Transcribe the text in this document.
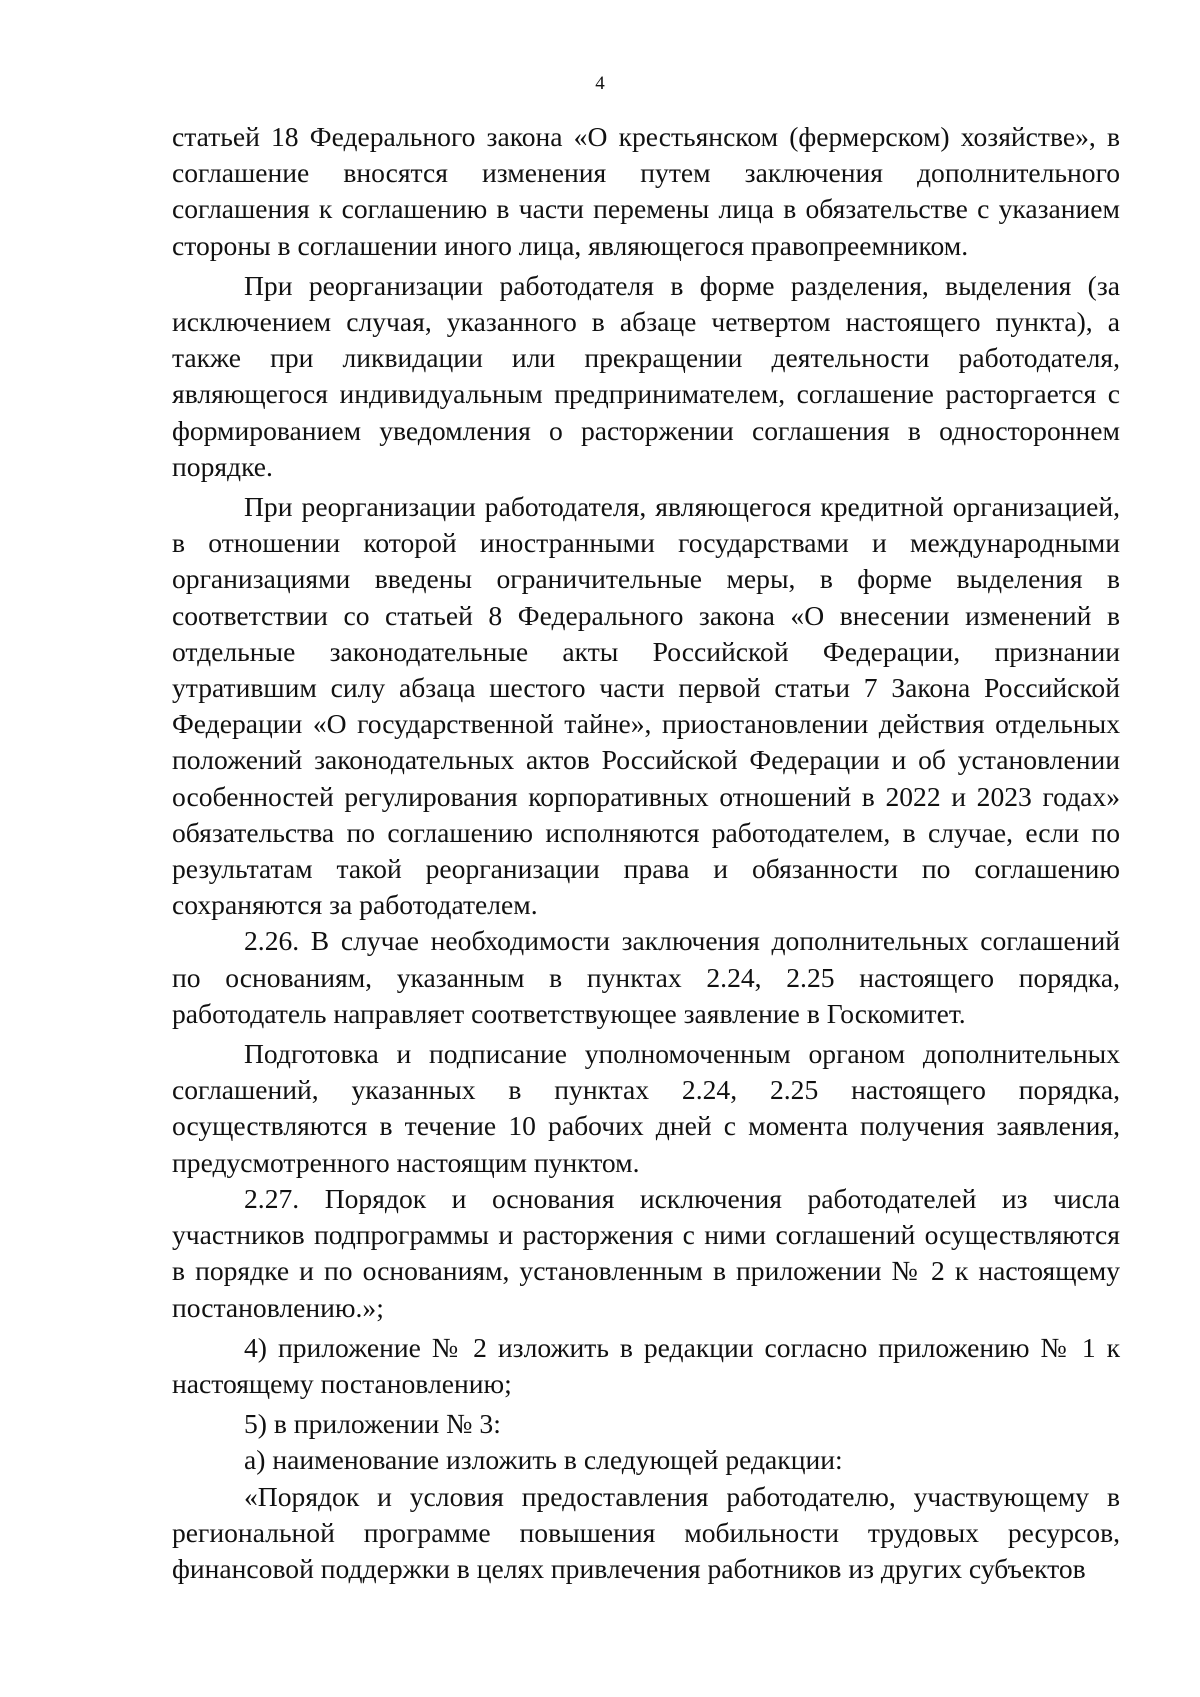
4

статьей 18 Федерального закона «О крестьянском (фермерском) хозяйстве», в соглашение вносятся изменения путем заключения дополнительного соглашения к соглашению в части перемены лица в обязательстве с указанием стороны в соглашении иного лица, являющегося правопреемником.

При реорганизации работодателя в форме разделения, выделения (за исключением случая, указанного в абзаце четвертом настоящего пункта), а также при ликвидации или прекращении деятельности работодателя, являющегося индивидуальным предпринимателем, соглашение расторгается с формированием уведомления о расторжении соглашения в одностороннем порядке.

При реорганизации работодателя, являющегося кредитной организацией, в отношении которой иностранными государствами и международными организациями введены ограничительные меры, в форме выделения в соответствии со статьей 8 Федерального закона «О внесении изменений в отдельные законодательные акты Российской Федерации, признании утратившим силу абзаца шестого части первой статьи 7 Закона Российской Федерации «О государственной тайне», приостановлении действия отдельных положений законодательных актов Российской Федерации и об установлении особенностей регулирования корпоративных отношений в 2022 и 2023 годах» обязательства по соглашению исполняются работодателем, в случае, если по результатам такой реорганизации права и обязанности по соглашению сохраняются за работодателем.

2.26. В случае необходимости заключения дополнительных соглашений по основаниям, указанным в пунктах 2.24, 2.25 настоящего порядка, работодатель направляет соответствующее заявление в Госкомитет.

Подготовка и подписание уполномоченным органом дополнительных соглашений, указанных в пунктах 2.24, 2.25 настоящего порядка, осуществляются в течение 10 рабочих дней с момента получения заявления, предусмотренного настоящим пунктом.

2.27. Порядок и основания исключения работодателей из числа участников подпрограммы и расторжения с ними соглашений осуществляются в порядке и по основаниям, установленным в приложении № 2 к настоящему постановлению.»;

4) приложение № 2 изложить в редакции согласно приложению № 1 к настоящему постановлению;

5) в приложении № 3:

а) наименование изложить в следующей редакции:

«Порядок и условия предоставления работодателю, участвующему в региональной программе повышения мобильности трудовых ресурсов, финансовой поддержки в целях привлечения работников из других субъектов
